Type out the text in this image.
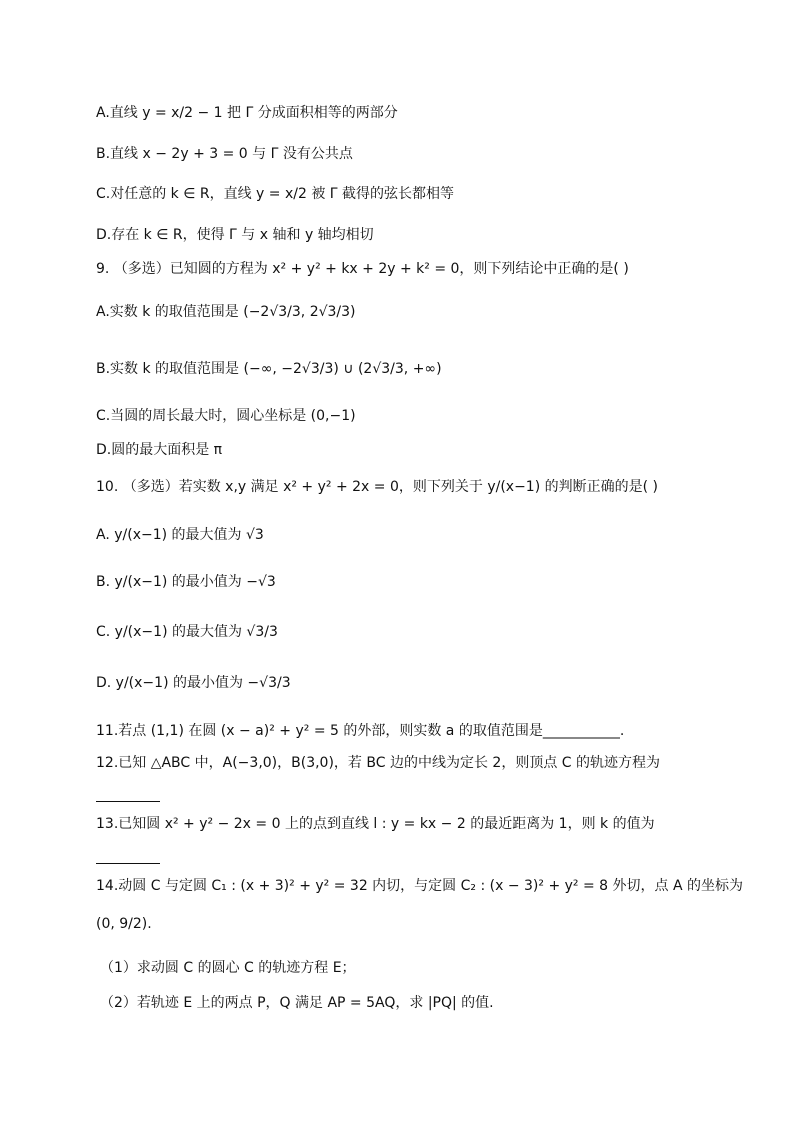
A.直线 y = x/2 − 1 把 Γ 分成面积相等的两部分
B.直线 x − 2y + 3 = 0 与 Γ 没有公共点
C.对任意的 k ∈ R，直线 y = x/2 被 Γ 截得的弦长都相等
D.存在 k ∈ R，使得 Γ 与 x 轴和 y 轴均相切
9. （多选）已知圆的方程为 x² + y² + kx + 2y + k² = 0，则下列结论中正确的是( )
A.实数 k 的取值范围是 (−2√3/3, 2√3/3)
B.实数 k 的取值范围是 (−∞, −2√3/3) ∪ (2√3/3, +∞)
C.当圆的周长最大时，圆心坐标是 (0,−1)
D.圆的最大面积是 π
10. （多选）若实数 x,y 满足 x² + y² + 2x = 0，则下列关于 y/(x−1) 的判断正确的是( )
A. y/(x−1) 的最大值为 √3
B. y/(x−1) 的最小值为 −√3
C. y/(x−1) 的最大值为 √3/3
D. y/(x−1) 的最小值为 −√3/3
11.若点 (1,1) 在圆 (x − a)² + y² = 5 的外部，则实数 a 的取值范围是___________.
12.已知 △ABC 中，A(−3,0)，B(3,0)，若 BC 边的中线为定长 2，则顶点 C 的轨迹方程为
13.已知圆 x² + y² − 2x = 0 上的点到直线 l : y = kx − 2 的最近距离为 1，则 k 的值为
14.动圆 C 与定圆 C₁ : (x + 3)² + y² = 32 内切，与定圆 C₂ : (x − 3)² + y² = 8 外切，点 A 的坐标为
(0, 9/2).
（1）求动圆 C 的圆心 C 的轨迹方程 E；
（2）若轨迹 E 上的两点 P，Q 满足 AP = 5AQ，求 |PQ| 的值.
